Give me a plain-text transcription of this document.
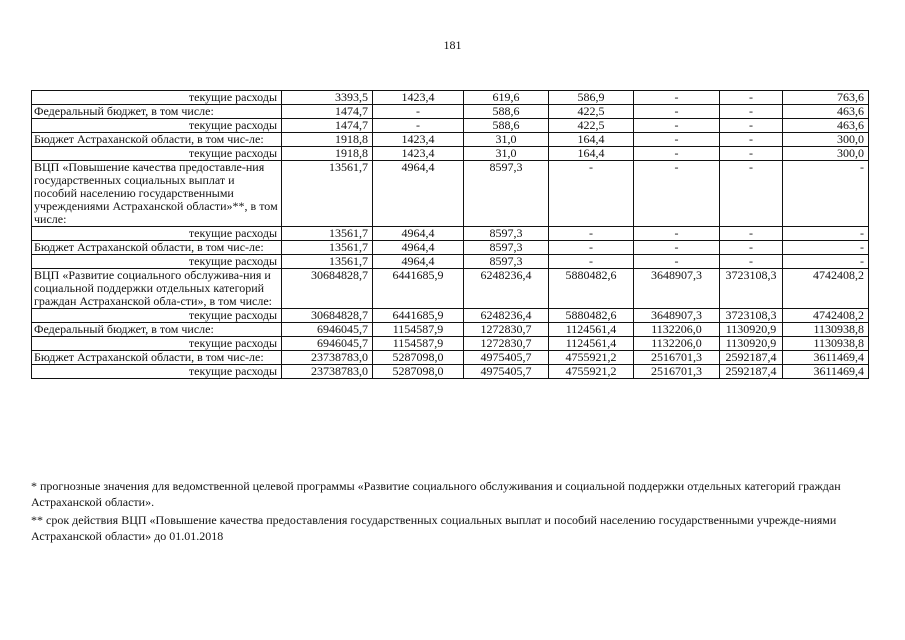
181
текущие расходы	3393,5	1423,4	619,6	586,9	-	-	763,6
Федеральный бюджет, в том числе:	1474,7	-	588,6	422,5	-	-	463,6
текущие расходы	1474,7	-	588,6	422,5	-	-	463,6
Бюджет Астраханской области, в том чис-ле:	1918,8	1423,4	31,0	164,4	-	-	300,0
текущие расходы	1918,8	1423,4	31,0	164,4	-	-	300,0
ВЦП «Повышение качества предоставле-ния государственных социальных выплат и пособий населению государственными учреждениями Астраханской области»**, в том числе:	13561,7	4964,4	8597,3	-	-	-	-
текущие расходы	13561,7	4964,4	8597,3	-	-	-	-
Бюджет Астраханской области, в том чис-ле:	13561,7	4964,4	8597,3	-	-	-	-
текущие расходы	13561,7	4964,4	8597,3	-	-	-	-
ВЦП «Развитие социального обслужива-ния и социальной поддержки отдельных категорий граждан Астраханской обла-сти», в том числе:	30684828,7	6441685,9	6248236,4	5880482,6	3648907,3	3723108,3	4742408,2
текущие расходы	30684828,7	6441685,9	6248236,4	5880482,6	3648907,3	3723108,3	4742408,2
Федеральный бюджет, в том числе:	6946045,7	1154587,9	1272830,7	1124561,4	1132206,0	1130920,9	1130938,8
текущие расходы	6946045,7	1154587,9	1272830,7	1124561,4	1132206,0	1130920,9	1130938,8
Бюджет Астраханской области, в том чис-ле:	23738783,0	5287098,0	4975405,7	4755921,2	2516701,3	2592187,4	3611469,4
текущие расходы	23738783,0	5287098,0	4975405,7	4755921,2	2516701,3	2592187,4	3611469,4

* прогнозные значения для ведомственной целевой программы «Развитие социального обслуживания и социальной поддержки отдельных категорий граждан Астраханской области».

** срок действия ВЦП «Повышение качества предоставления государственных социальных выплат и пособий населению государственными учрежде-ниями Астраханской области» до 01.01.2018
